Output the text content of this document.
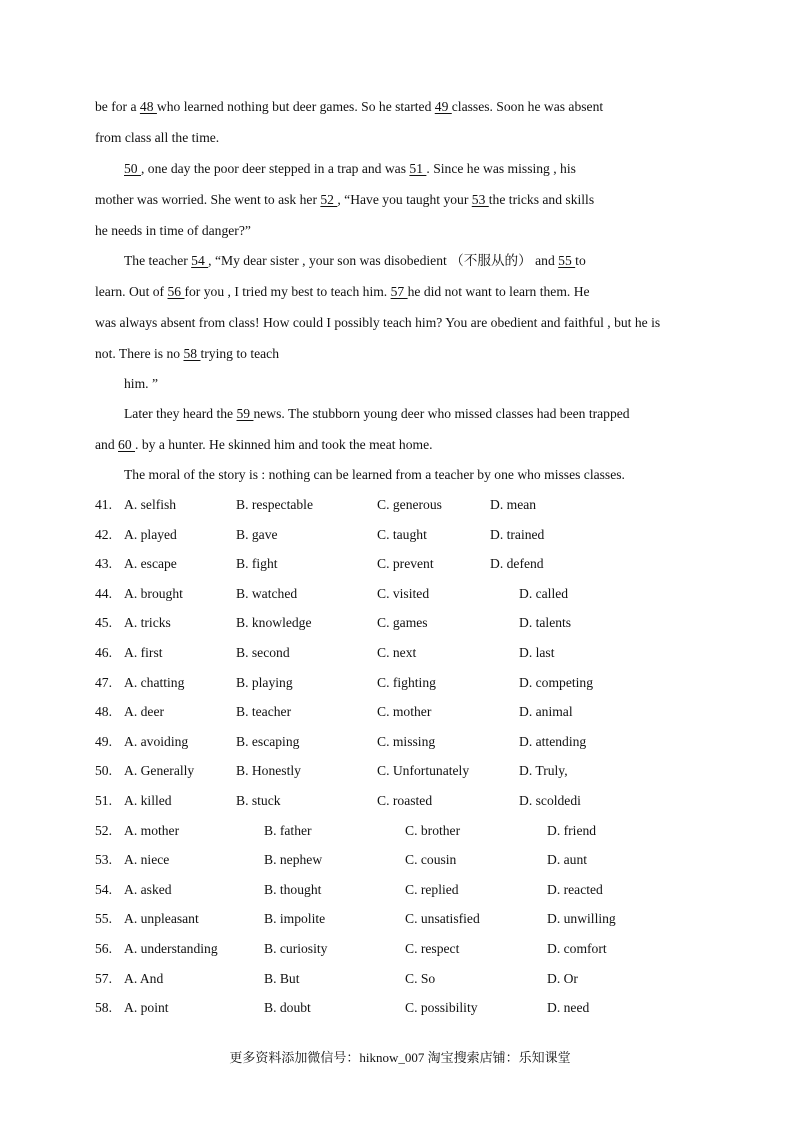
be for a 48 who learned nothing but deer games. So he started 49 classes. Soon he was absent
from class all the time.
50 , one day the poor deer stepped in a trap and was 51 . Since he was missing , his
mother was worried. She went to ask her 52 , “Have you taught your 53 the tricks and skills
he needs in time of danger?”
The teacher 54 , “My dear sister , your son was disobedient （不服从的） and 55 to
learn. Out of 56 for you , I tried my best to teach him. 57 he did not want to learn them. He
was always absent from class! How could I possibly teach him? You are obedient and faithful , but he is
not. There is no 58 trying to teach
him. ”
Later they heard the 59 news. The stubborn young deer who missed classes had been trapped
and 60 . by a hunter. He skinned him and took the meat home.
The moral of the story is : nothing can be learned from a teacher by one who misses classes.
41. A. selfish	B. respectable	C. generous	D. mean
42. A. played	B. gave	C. taught	D. trained
43. A. escape	B. fight	C. prevent	D. defend
44. A. brought	B. watched	C. visited	D. called
45. A. tricks	B. knowledge	C. games	D. talents
46. A. first	B. second	C. next	D. last
47. A. chatting	B. playing	C. fighting	D. competing
48. A. deer	B. teacher	C. mother	D. animal
49. A. avoiding	B. escaping	C. missing	D. attending
50. A. Generally	B. Honestly	C. Unfortunately	D. Truly,
51. A. killed	B. stuck	C. roasted	D. scoldedi
52. A. mother	B. father	C. brother	D. friend
53. A. niece	B. nephew	C. cousin	D. aunt
54. A. asked	B. thought	C. replied	D. reacted
55. A. unpleasant	B. impolite	C. unsatisfied	D. unwilling
56. A. understanding	B. curiosity	C. respect	D. comfort
57. A. And	B. But	C. So	D. Or
58. A. point	B. doubt	C. possibility	D. need
更多资料添加微信号：hiknow_007 淘宝搜索店铺：乐知课堂
